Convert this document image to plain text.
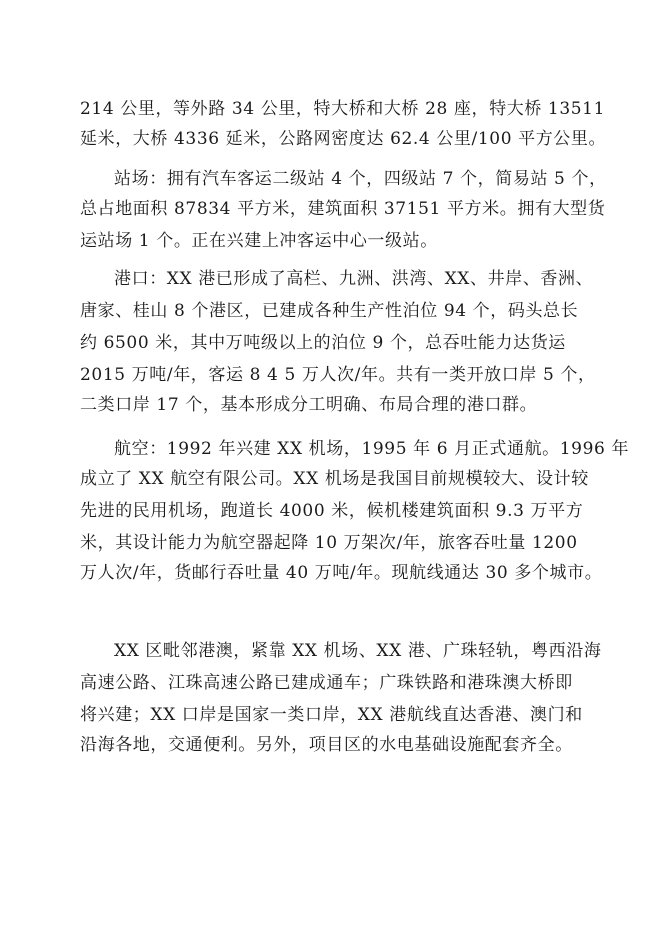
214 公里，等外路 34 公里，特大桥和大桥 28 座，特大桥 13511
延米，大桥 4336 延米，公路网密度达 62.4 公里/100 平方公里。
站场：拥有汽车客运二级站 4 个，四级站 7 个，简易站 5 个，
总占地面积 87834 平方米，建筑面积 37151 平方米。拥有大型货
运站场 1 个。正在兴建上冲客运中心一级站。
港口：XX 港已形成了高栏、九洲、洪湾、XX、井岸、香洲、
唐家、桂山 8 个港区，已建成各种生产性泊位 94 个，码头总长
约 6500 米，其中万吨级以上的泊位 9 个，总吞吐能力达货运
2015 万吨/年，客运 8 4 5 万人次/年。共有一类开放口岸 5 个，
二类口岸 17 个，基本形成分工明确、布局合理的港口群。
航空：1992 年兴建 XX 机场，1995 年 6 月正式通航。1996 年
成立了 XX 航空有限公司。XX 机场是我国目前规模较大、设计较
先进的民用机场，跑道长 4000 米，候机楼建筑面积 9.3 万平方
米，其设计能力为航空器起降 10 万架次/年，旅客吞吐量 1200
万人次/年，货邮行吞吐量 40 万吨/年。现航线通达 30 多个城市。
XX 区毗邻港澳，紧靠 XX 机场、XX 港、广珠轻轨，粤西沿海
高速公路、江珠高速公路已建成通车；广珠铁路和港珠澳大桥即
将兴建；XX 口岸是国家一类口岸，XX 港航线直达香港、澳门和
沿海各地，交通便利。另外，项目区的水电基础设施配套齐全。
